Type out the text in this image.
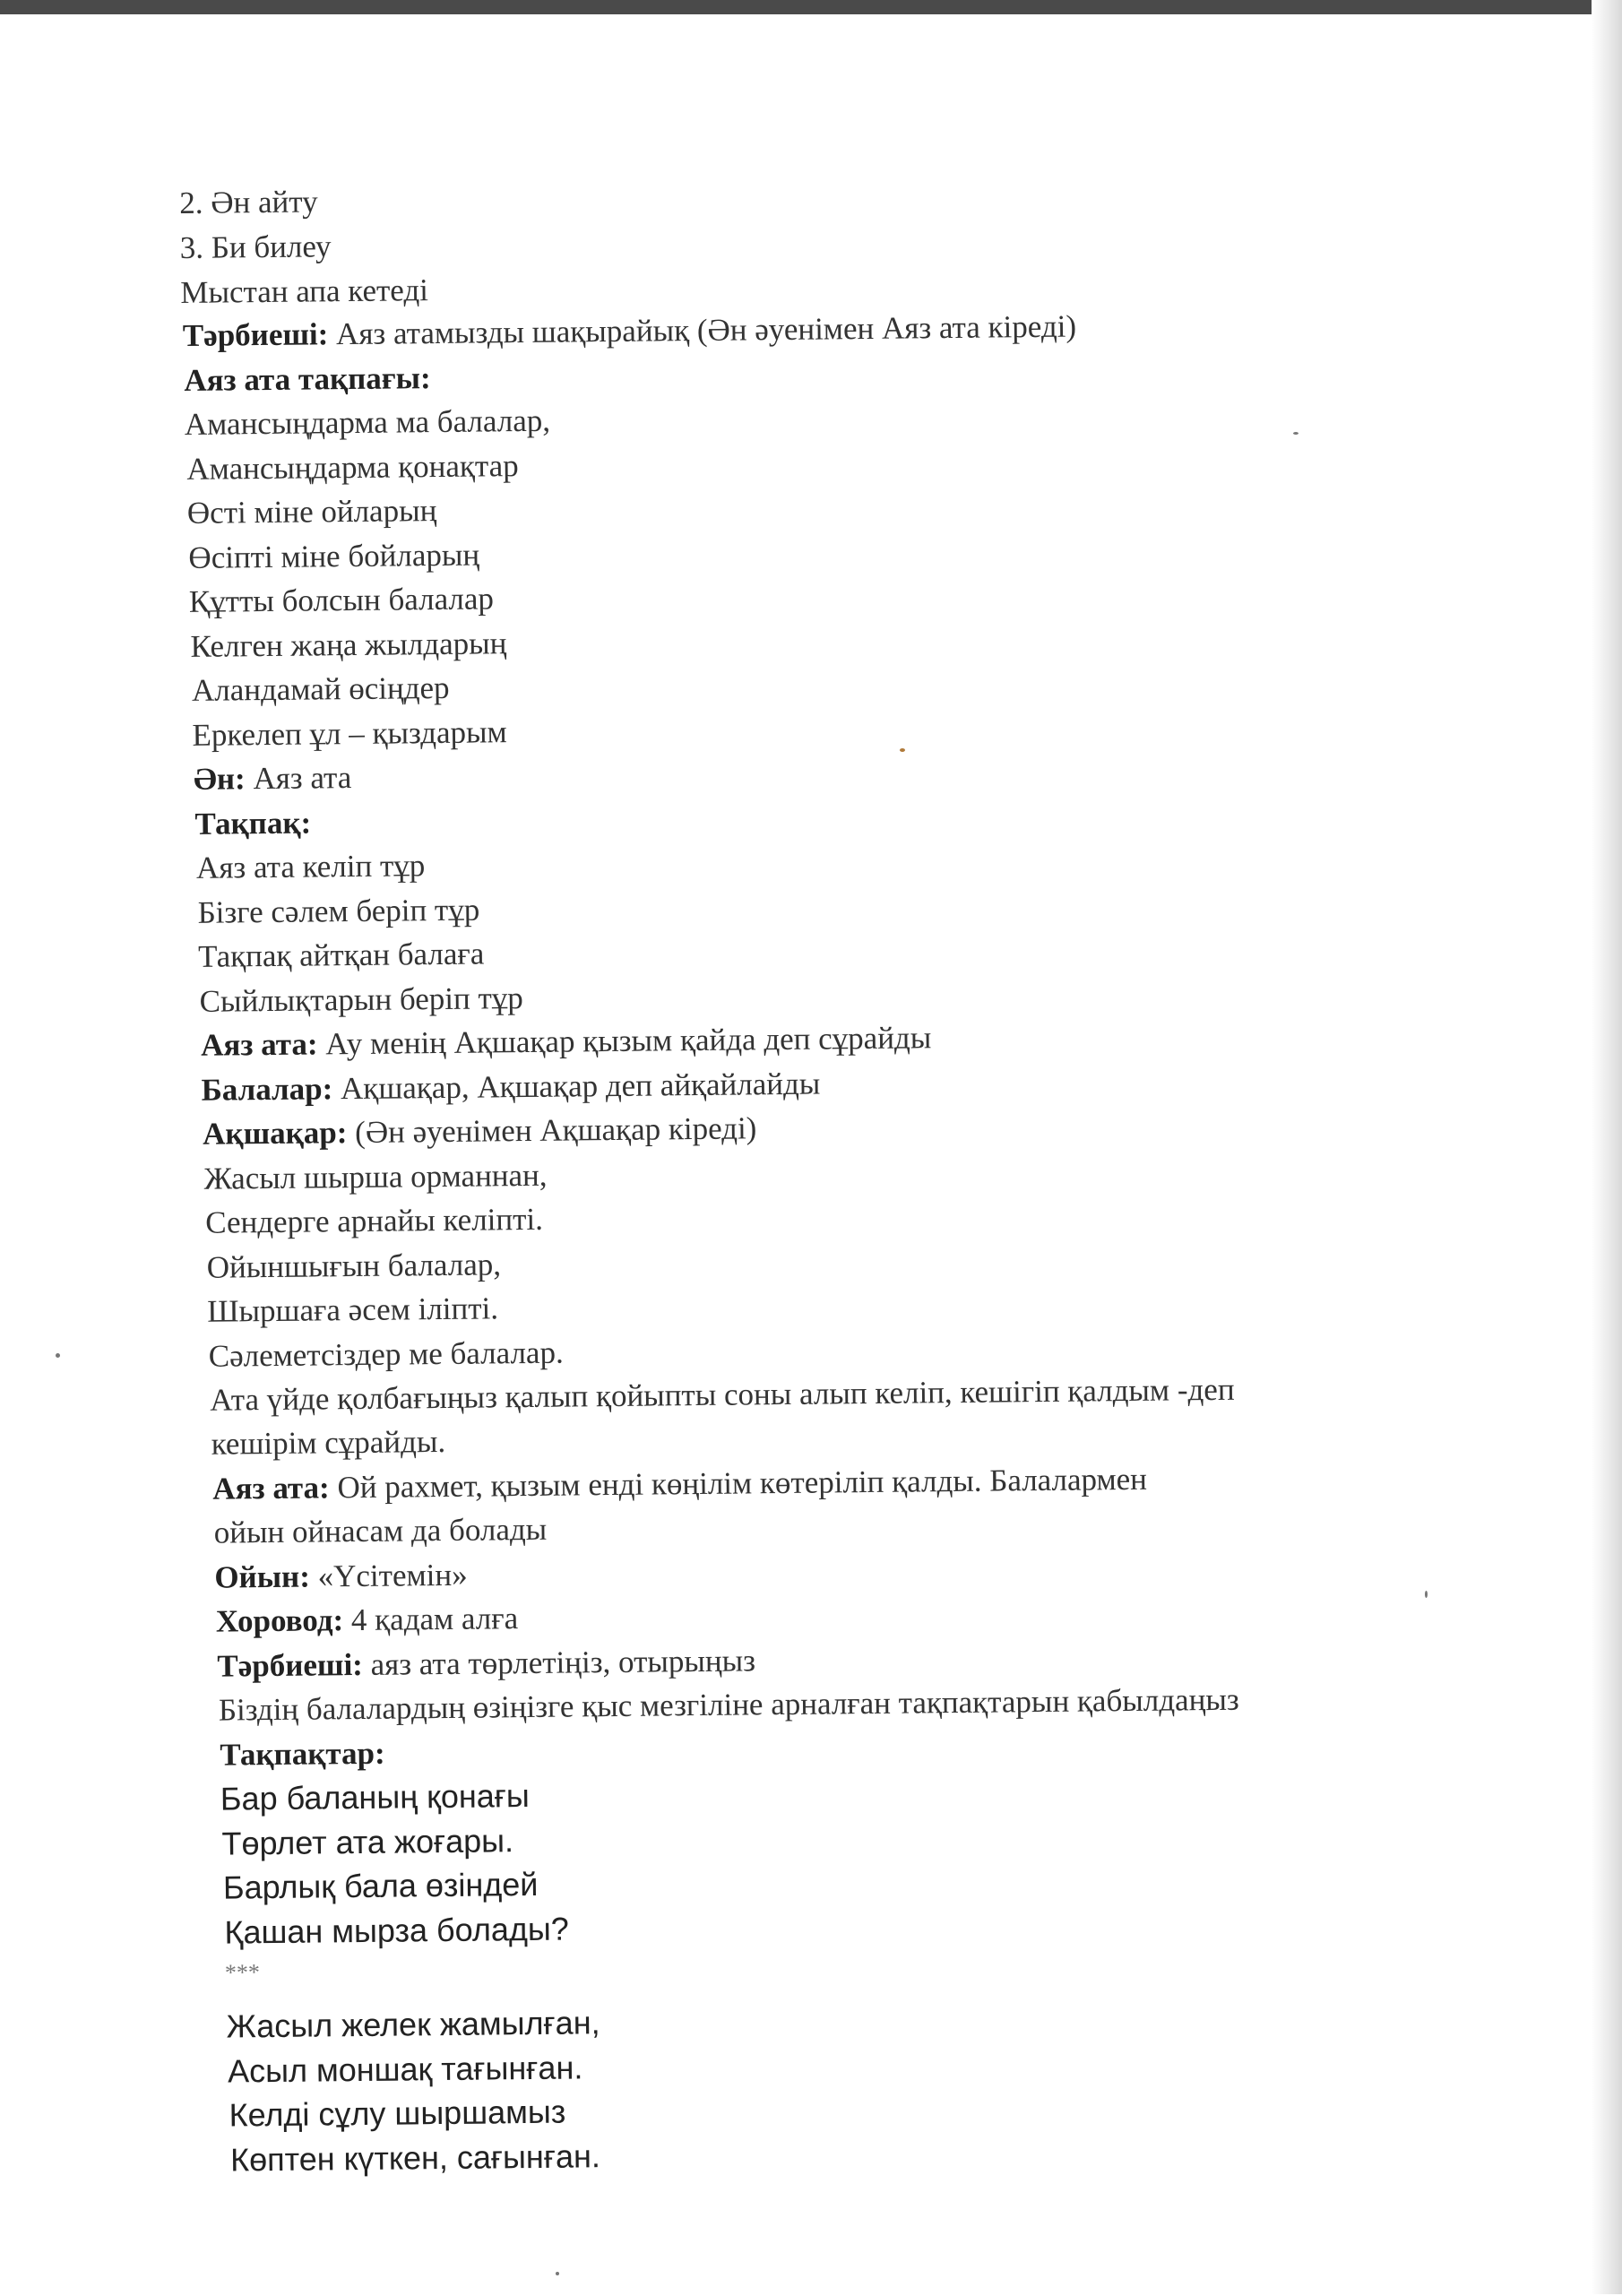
2. Ән айту
3. Би билеу
Мыстан апа кетеді
Тәрбиеші: Аяз атамызды шақырайық (Ән әуенімен Аяз ата кіреді)
Аяз ата тақпағы:
Амансыңдарма ма балалар,
Амансыңдарма қонақтар
Өсті міне ойларың
Өсіпті міне бойларың
Құтты болсын балалар
Келген жаңа жылдарың
Аландамай өсіңдер
Еркелеп ұл – қыздарым
Ән: Аяз ата
Тақпақ:
Аяз ата келіп тұр
Бізге сәлем беріп тұр
Тақпақ айтқан балаға
Сыйлықтарын беріп тұр
Аяз ата: Ау менің Ақшақар қызым қайда деп сұрайды
Балалар: Ақшақар, Ақшақар деп айқайлайды
Ақшақар: (Ән әуенімен Ақшақар кіреді)
Жасыл шырша орманнан,
Сендерге арнайы келіпті.
Ойыншығын балалар,
Шыршаға әсем іліпті.
Сәлеметсіздер ме балалар.
Ата үйде қолбағыңыз қалып қойыпты соны алып келіп, кешігіп қалдым -деп
кешірім сұрайды.
Аяз ата: Ой рахмет, қызым енді көңілім көтеріліп қалды. Балалармен
ойын ойнасам да болады
Ойын: «Үсітемін»
Хоровод: 4 қадам алға
Тәрбиеші: аяз ата төрлетіңіз, отырыңыз
Біздің балалардың өзіңізге қыс мезгіліне арналған тақпақтарын қабылдаңыз
Тақпақтар:
Бар баланың қонағы
Төрлет ата жоғары.
Барлық бала өзіндей
Қашан мырза болады?
***
Жасыл желек жамылған,
Асыл моншақ тағынған.
Келді сұлу шыршамыз
Көптен күткен, сағынған.
